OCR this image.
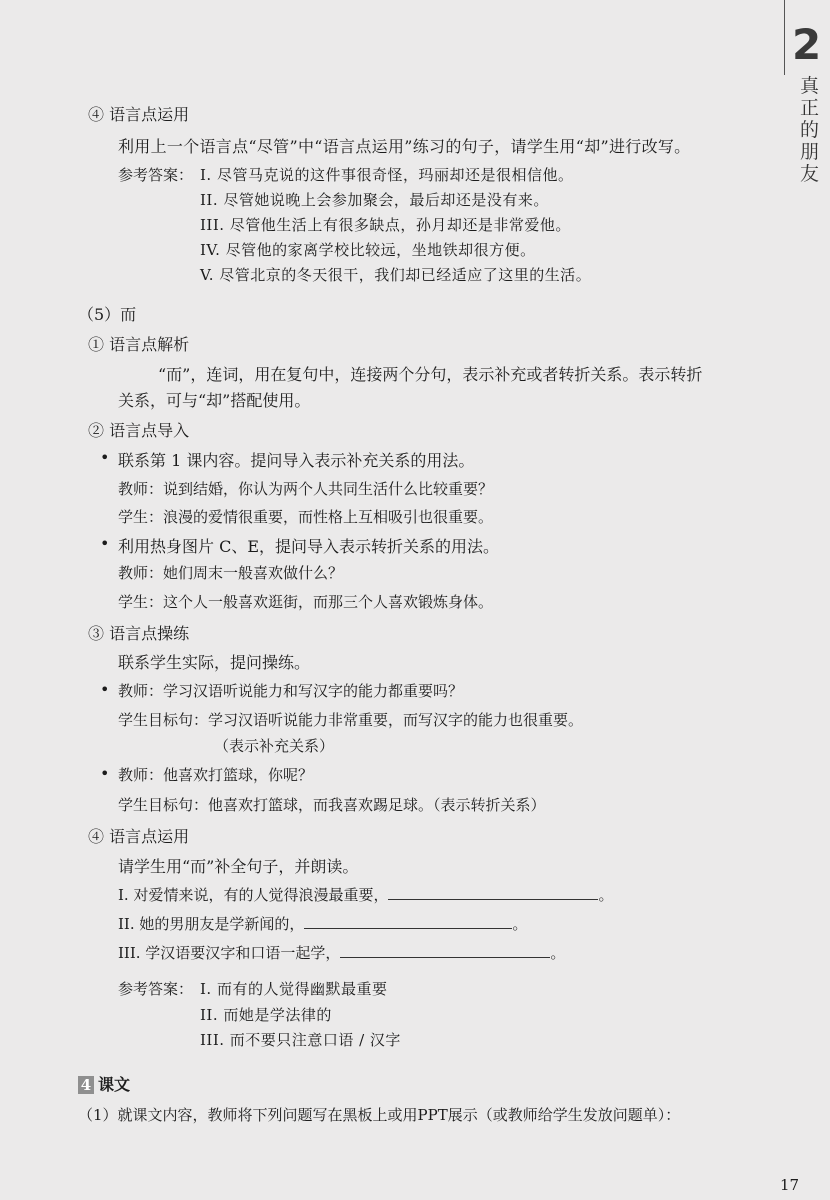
2
真正的朋友
④ 语言点运用
利用上一个语言点“尽管”中“语言点运用”练习的句子，请学生用“却”进行改写。
参考答案： I. 尽管马克说的这件事很奇怪，玛丽却还是很相信他。
II. 尽管她说晚上会参加聚会，最后却还是没有来。
III. 尽管他生活上有很多缺点，孙月却还是非常爱他。
IV. 尽管他的家离学校比较远，坐地铁却很方便。
V. 尽管北京的冬天很干，我们却已经适应了这里的生活。
（5）而
① 语言点解析
“而”，连词，用在复句中，连接两个分句，表示补充或者转折关系。表示转折
关系，可与“却”搭配使用。
② 语言点导入
• 联系第 1 课内容。提问导入表示补充关系的用法。
教师：说到结婚，你认为两个人共同生活什么比较重要？
学生：浪漫的爱情很重要，而性格上互相吸引也很重要。
• 利用热身图片 C、E，提问导入表示转折关系的用法。
教师：她们周末一般喜欢做什么？
学生：这个人一般喜欢逛街，而那三个人喜欢锻炼身体。
③ 语言点操练
联系学生实际，提问操练。
• 教师：学习汉语听说能力和写汉字的能力都重要吗？
学生目标句：学习汉语听说能力非常重要，而写汉字的能力也很重要。
（表示补充关系）
• 教师：他喜欢打篮球，你呢？
学生目标句：他喜欢打篮球，而我喜欢踢足球。（表示转折关系）
④ 语言点运用
请学生用“而”补全句子，并朗读。
I. 对爱情来说，有的人觉得浪漫最重要，	。
II. 她的男朋友是学新闻的，	。
III. 学汉语要汉字和口语一起学，	。
参考答案： I. 而有的人觉得幽默最重要
II. 而她是学法律的
III. 而不要只注意口语 / 汉字
4 课文
（1）就课文内容，教师将下列问题写在黑板上或用PPT展示（或教师给学生发放问题单）：
17
